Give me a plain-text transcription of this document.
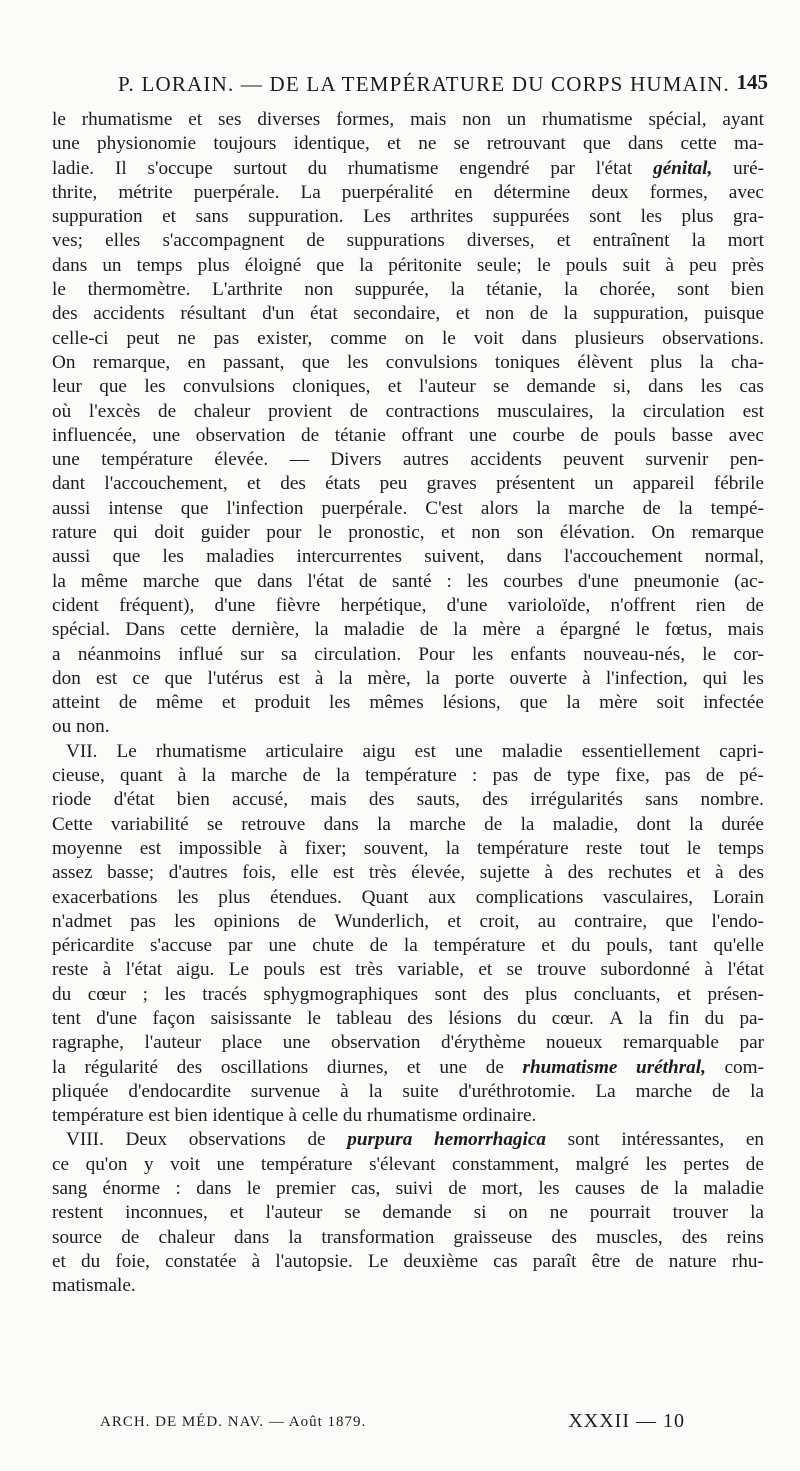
P. LORAIN. — DE LA TEMPÉRATURE DU CORPS HUMAIN. 145
le rhumatisme et ses diverses formes, mais non un rhumatisme spécial, ayant
une physionomie toujours identique, et ne se retrouvant que dans cette ma-
ladie. Il s'occupe surtout du rhumatisme engendré par l'état génital, uré-
thrite, métrite puerpérale. La puerpéralité en détermine deux formes, avec
suppuration et sans suppuration. Les arthrites suppurées sont les plus gra-
ves; elles s'accompagnent de suppurations diverses, et entraînent la mort
dans un temps plus éloigné que la péritonite seule; le pouls suit à peu près
le thermomètre. L'arthrite non suppurée, la tétanie, la chorée, sont bien
des accidents résultant d'un état secondaire, et non de la suppuration, puisque
celle-ci peut ne pas exister, comme on le voit dans plusieurs observations.
On remarque, en passant, que les convulsions toniques élèvent plus la cha-
leur que les convulsions cloniques, et l'auteur se demande si, dans les cas
où l'excès de chaleur provient de contractions musculaires, la circulation est
influencée, une observation de tétanie offrant une courbe de pouls basse avec
une température élevée. — Divers autres accidents peuvent survenir pen-
dant l'accouchement, et des états peu graves présentent un appareil fébrile
aussi intense que l'infection puerpérale. C'est alors la marche de la tempé-
rature qui doit guider pour le pronostic, et non son élévation. On remarque
aussi que les maladies intercurrentes suivent, dans l'accouchement normal,
la même marche que dans l'état de santé : les courbes d'une pneumonie (ac-
cident fréquent), d'une fièvre herpétique, d'une varioloïde, n'offrent rien de
spécial. Dans cette dernière, la maladie de la mère a épargné le fœtus, mais
a néanmoins influé sur sa circulation. Pour les enfants nouveau-nés, le cor-
don est ce que l'utérus est à la mère, la porte ouverte à l'infection, qui les
atteint de même et produit les mêmes lésions, que la mère soit infectée
ou non.
VII. Le rhumatisme articulaire aigu est une maladie essentiellement capri-
cieuse, quant à la marche de la température : pas de type fixe, pas de pé-
riode d'état bien accusé, mais des sauts, des irrégularités sans nombre.
Cette variabilité se retrouve dans la marche de la maladie, dont la durée
moyenne est impossible à fixer; souvent, la température reste tout le temps
assez basse; d'autres fois, elle est très élevée, sujette à des rechutes et à des
exacerbations les plus étendues. Quant aux complications vasculaires, Lorain
n'admet pas les opinions de Wunderlich, et croit, au contraire, que l'endo-
péricardite s'accuse par une chute de la température et du pouls, tant qu'elle
reste à l'état aigu. Le pouls est très variable, et se trouve subordonné à l'état
du cœur ; les tracés sphygmographiques sont des plus concluants, et présen-
tent d'une façon saisissante le tableau des lésions du cœur. A la fin du pa-
ragraphe, l'auteur place une observation d'érythème noueux remarquable par
la régularité des oscillations diurnes, et une de rhumatisme uréthral, com-
pliquée d'endocardite survenue à la suite d'uréthrotomie. La marche de la
température est bien identique à celle du rhumatisme ordinaire.
VIII. Deux observations de purpura hemorrhagica sont intéressantes, en
ce qu'on y voit une température s'élevant constamment, malgré les pertes de
sang énorme : dans le premier cas, suivi de mort, les causes de la maladie
restent inconnues, et l'auteur se demande si on ne pourrait trouver la
source de chaleur dans la transformation graisseuse des muscles, des reins
et du foie, constatée à l'autopsie. Le deuxième cas paraît être de nature rhu-
matismale.
ARCH. DE MÉD. NAV. — Août 1879.	XXXII — 10
